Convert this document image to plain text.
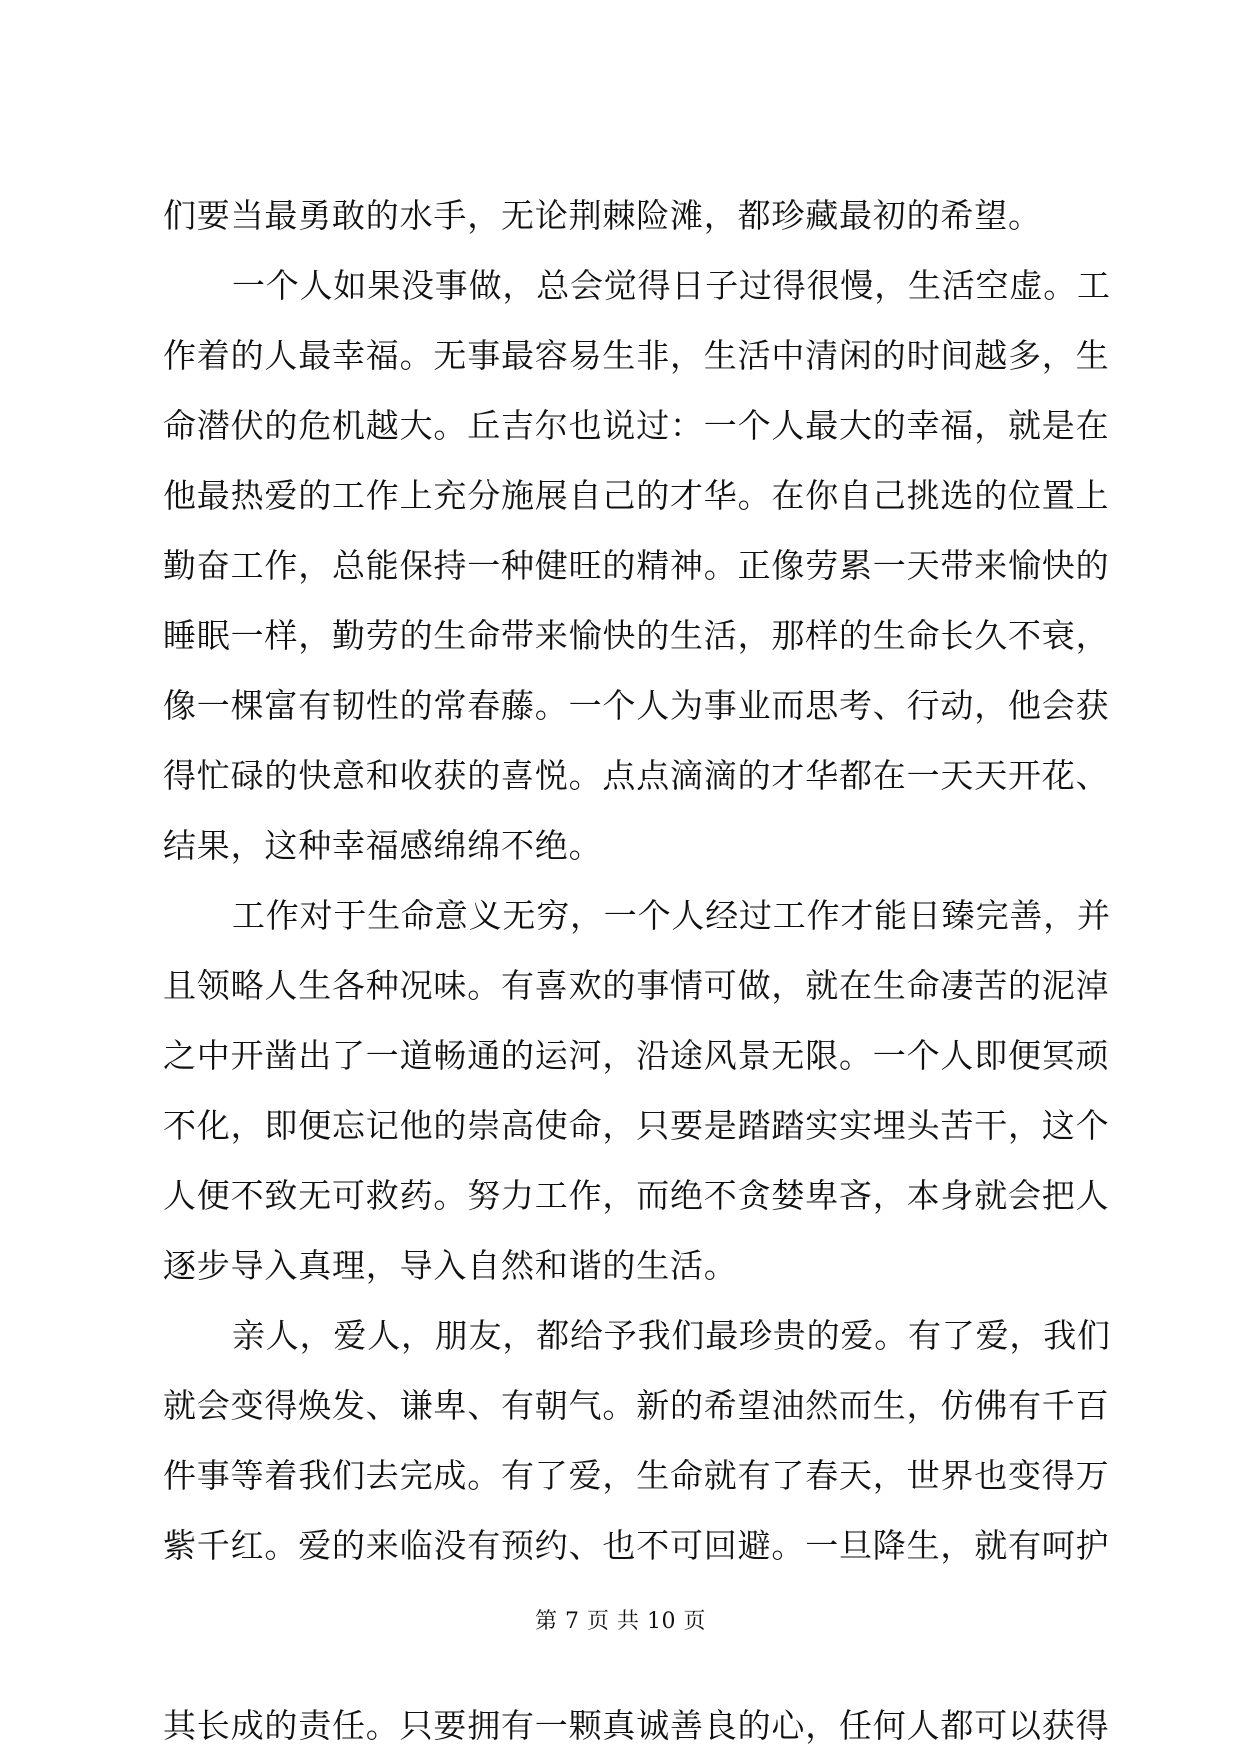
们要当最勇敢的水手，无论荆棘险滩，都珍藏最初的希望。
一个人如果没事做，总会觉得日子过得很慢，生活空虚。工
作着的人最幸福。无事最容易生非，生活中清闲的时间越多，生
命潜伏的危机越大。丘吉尔也说过：一个人最大的幸福，就是在
他最热爱的工作上充分施展自己的才华。在你自己挑选的位置上
勤奋工作，总能保持一种健旺的精神。正像劳累一天带来愉快的
睡眠一样，勤劳的生命带来愉快的生活，那样的生命长久不衰，
像一棵富有韧性的常春藤。一个人为事业而思考、行动，他会获
得忙碌的快意和收获的喜悦。点点滴滴的才华都在一天天开花、
结果，这种幸福感绵绵不绝。
工作对于生命意义无穷，一个人经过工作才能日臻完善，并
且领略人生各种况味。有喜欢的事情可做，就在生命凄苦的泥淖
之中开凿出了一道畅通的运河，沿途风景无限。一个人即便冥顽
不化，即便忘记他的崇高使命，只要是踏踏实实埋头苦干，这个
人便不致无可救药。努力工作，而绝不贪婪卑吝，本身就会把人
逐步导入真理，导入自然和谐的生活。
亲人，爱人，朋友，都给予我们最珍贵的爱。有了爱，我们
就会变得焕发、谦卑、有朝气。新的希望油然而生，仿佛有千百
件事等着我们去完成。有了爱，生命就有了春天，世界也变得万
紫千红。爱的来临没有预约、也不可回避。一旦降生，就有呵护
其长成的责任。只要拥有一颗真诚善良的心，任何人都可以获得
第 7 页 共 10 页
